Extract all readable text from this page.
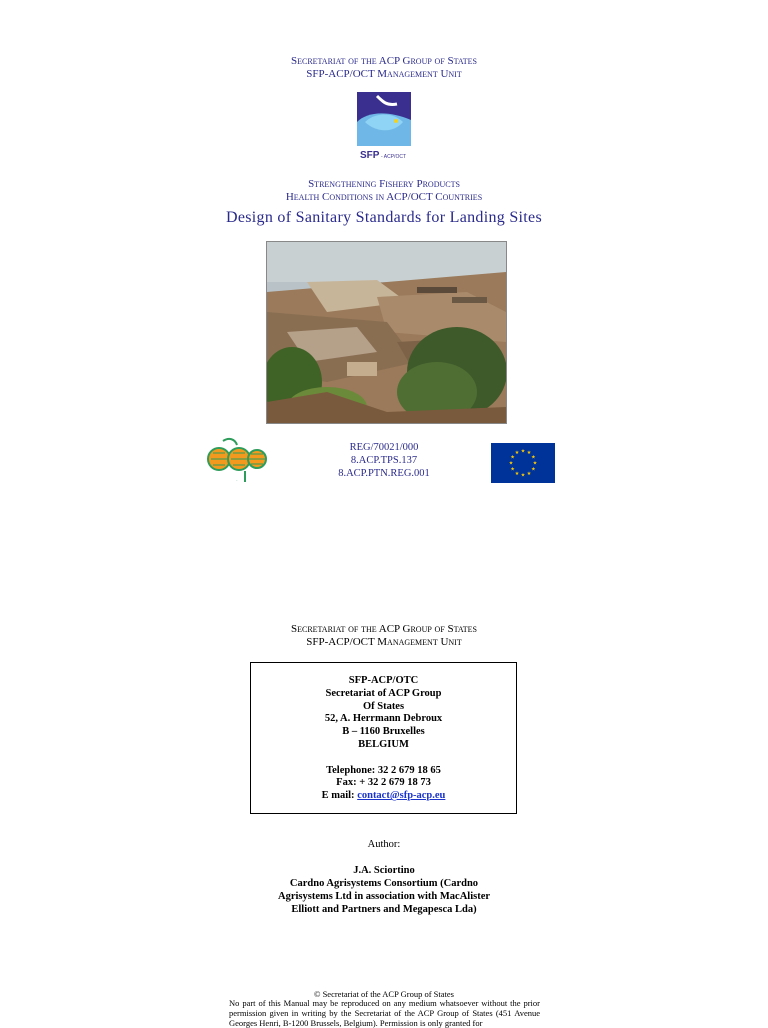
Secretariat of the ACP Group of States
SFP-ACP/OCT Management Unit
SFP - ACP/OCT
Strengthening Fishery Products
Health Conditions in ACP/OCT Countries
Design of Sanitary Standards for Landing Sites
acp
REG/70021/000
8.ACP.TPS.137
8.ACP.PTN.REG.001
★ ★
★
★
★
★
★
★
★
★
★
★
Secretariat of the ACP Group of States
SFP-ACP/OCT Management Unit
SFP-ACP/OTC
Secretariat of ACP Group
Of States
52, A. Herrmann Debroux
B – 1160 Bruxelles
BELGIUM
Telephone: 32 2 679 18 65
Fax: + 32 2 679 18 73
E mail: contact@sfp-acp.eu
Author:
J.A. Sciortino
Cardno Agrisystems Consortium (Cardno
Agrisystems Ltd in association with MacAlister
Elliott and Partners and Megapesca Lda)
© Secretariat of the ACP Group of States
No part of this Manual may be reproduced on any medium whatsoever without the prior permission given in writing by the Secretariat of the ACP Group of States (451 Avenue Georges Henri, B-1200 Brussels, Belgium). Permission is only granted for
